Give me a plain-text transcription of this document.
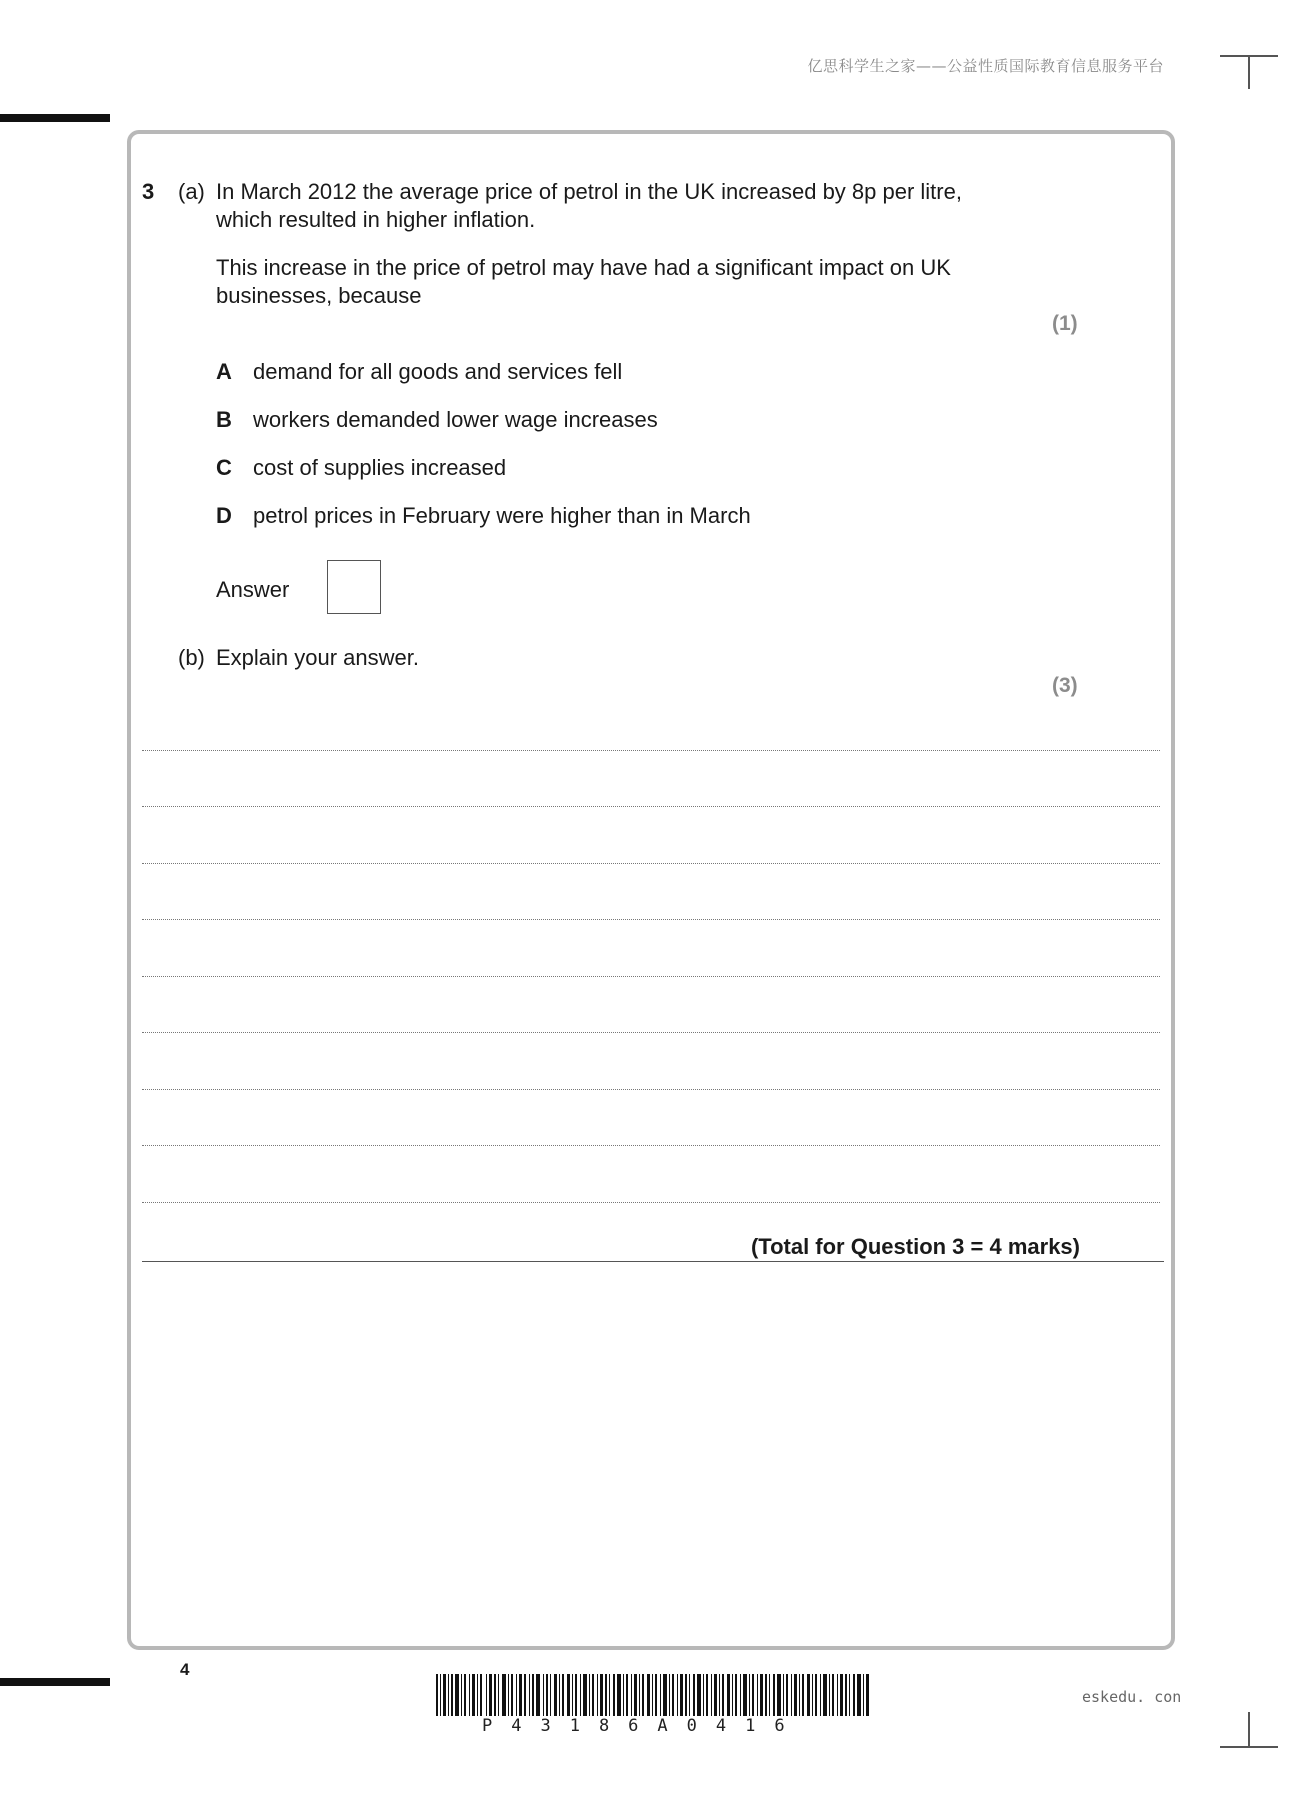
亿思科学生之家——公益性质国际教育信息服务平台
3 (a) In March 2012 the average price of petrol in the UK increased by 8p per litre,
which resulted in higher inflation.
This increase in the price of petrol may have had a significant impact on UK
businesses, because
(1)
A demand for all goods and services fell
B workers demanded lower wage increases
C cost of supplies increased
D petrol prices in February were higher than in March
Answer
(b) Explain your answer.
(3)
(Total for Question 3 = 4 marks)
4
P43186A0416
eskedu. con
